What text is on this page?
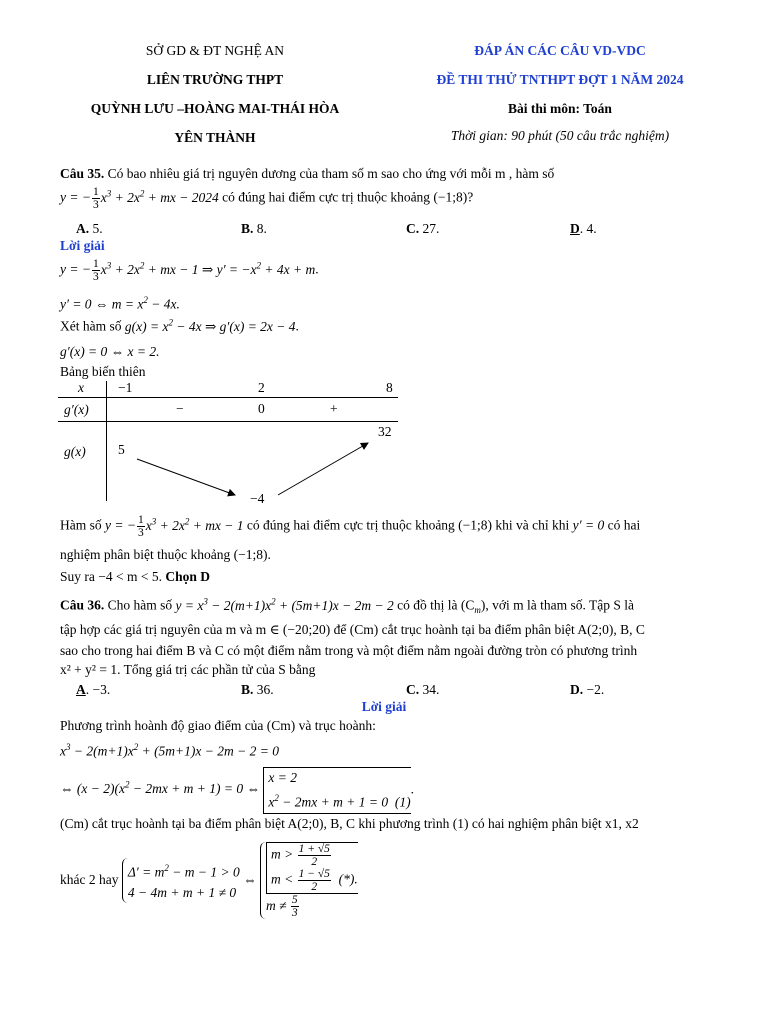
SỞ GD & ĐT NGHỆ AN
LIÊN TRƯỜNG THPT
QUỲNH LƯU –HOÀNG MAI-THÁI HÒA
YÊN THÀNH
ĐÁP ÁN CÁC CÂU VD-VDC
ĐỀ THI THỬ TNTHPT ĐỢT 1 NĂM 2024
Bài thi môn: Toán
Thời gian: 90 phút (50 câu trắc nghiệm)
Câu 35. Có bao nhiêu giá trị nguyên dương của tham số m sao cho ứng với mỗi m , hàm số
y = − $\frac{1}{3} x^3 + 2x^2$ + mx − 2024 có đúng hai điểm cực trị thuộc khoảng (−1;8)?
A. 5.	B. 8.	C. 27.	D. 4.
Lời giải
y = − $\frac{1}{3} x^3 + 2x^2$ + mx − 1 ⇒ $y' = -x^2 + 4x + m$.
y′ = 0 ⇔ $m = x^2 - 4x$.
Xét hàm số $g(x) = x^2 - 4x$ ⇒ g′(x) = 2x − 4.
g′(x) = 0 ⇔ x = 2.
Bảng biến thiên
x	−1	2	8
g′(x)	−	0	+
g(x) 5
−4
32
Hàm số y = − $\frac{1}{3} x^3 + 2x^2$ + mx − 1 có đúng hai điểm cực trị thuộc khoảng (−1;8) khi và chỉ khi y′ = 0 có hai
nghiệm phân biệt thuộc khoảng (−1;8).
Suy ra −4 < m < 5. Chọn D
Câu 36. Cho hàm số $y = x^3 - 2(m+1)x^2 + (5m+1)x - 2m - 2$ có đồ thị là $(C_m)$, với m là tham số. Tập S là
tập hợp các giá trị nguyên của m và m ∈ (−20;20) để (Cm) cắt trục hoành tại ba điểm phân biệt A(2;0), B, C
sao cho trong hai điểm B và C có một điểm nằm trong và một điểm nằm ngoài đường tròn có phương trình
x² + y² = 1. Tổng giá trị các phần tử của S bằng
A. −3.	B. 36.	C. 34.	D. −2.
Lời giải
Phương trình hoành độ giao điểm của (Cm) và trục hoành:
$x^3 - 2(m+1)x^2 + (5m+1)x - 2m - 2 = 0$
⇔ $(x - 2)(x^2 - 2mx + m + 1) = 0$ ⇔
x = 2
$x^2 - 2mx + m + 1 = 0$  (1)
.
(Cm) cắt trục hoành tại ba điểm phân biệt A(2;0), B, C khi phương trình (1) có hai nghiệm phân biệt x1, x2
khác 2 hay $\Delta' = m^2 - m - 1 > 0$
4 − 4m + m + 1 ≠ 0
⇔ $m > \frac{1 + √5}{2}$
$m < \frac{1 - √5}{2}$ (*).
$m \ne \frac{5}{3}$
